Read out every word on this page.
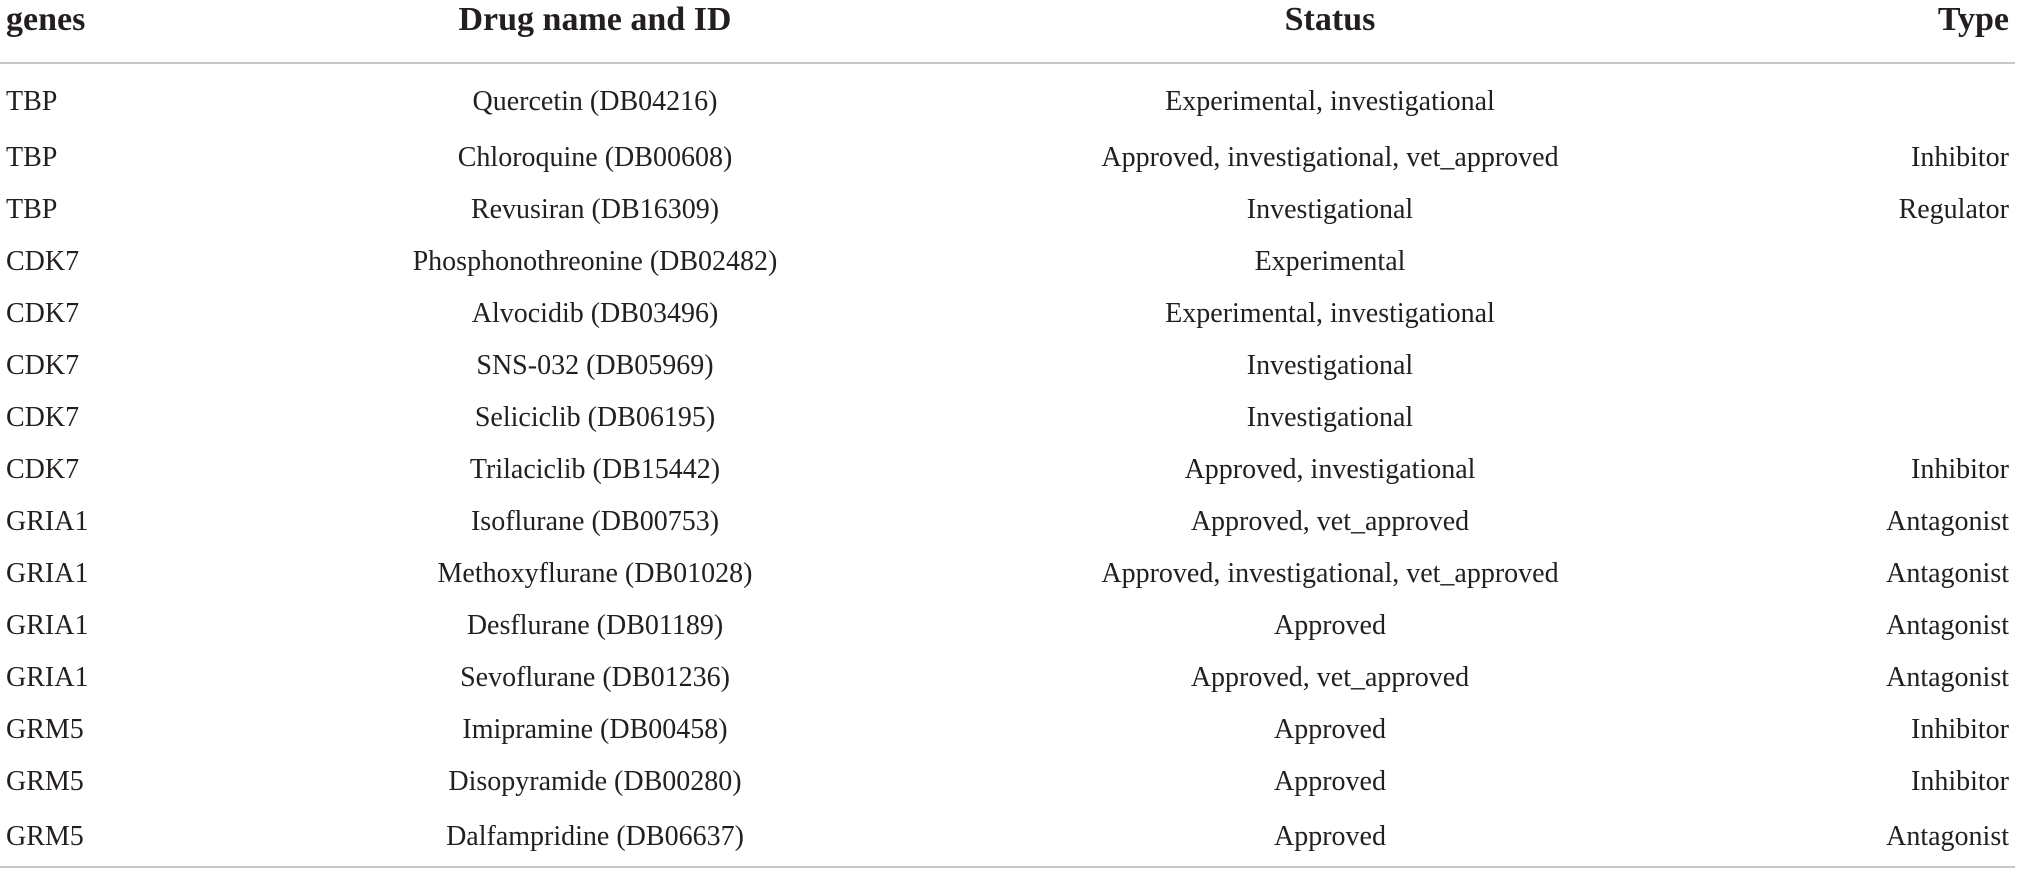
genes	Drug name and ID	Status	Type
TBP	Quercetin (DB04216)	Experimental, investigational	
TBP	Chloroquine (DB00608)	Approved, investigational, vet_approved	Inhibitor
TBP	Revusiran (DB16309)	Investigational	Regulator
CDK7	Phosphonothreonine (DB02482)	Experimental	
CDK7	Alvocidib (DB03496)	Experimental, investigational	
CDK7	SNS-032 (DB05969)	Investigational	
CDK7	Seliciclib (DB06195)	Investigational	
CDK7	Trilaciclib (DB15442)	Approved, investigational	Inhibitor
GRIA1	Isoflurane (DB00753)	Approved, vet_approved	Antagonist
GRIA1	Methoxyflurane (DB01028)	Approved, investigational, vet_approved	Antagonist
GRIA1	Desflurane (DB01189)	Approved	Antagonist
GRIA1	Sevoflurane (DB01236)	Approved, vet_approved	Antagonist
GRM5	Imipramine (DB00458)	Approved	Inhibitor
GRM5	Disopyramide (DB00280)	Approved	Inhibitor
GRM5	Dalfampridine (DB06637)	Approved	Antagonist
